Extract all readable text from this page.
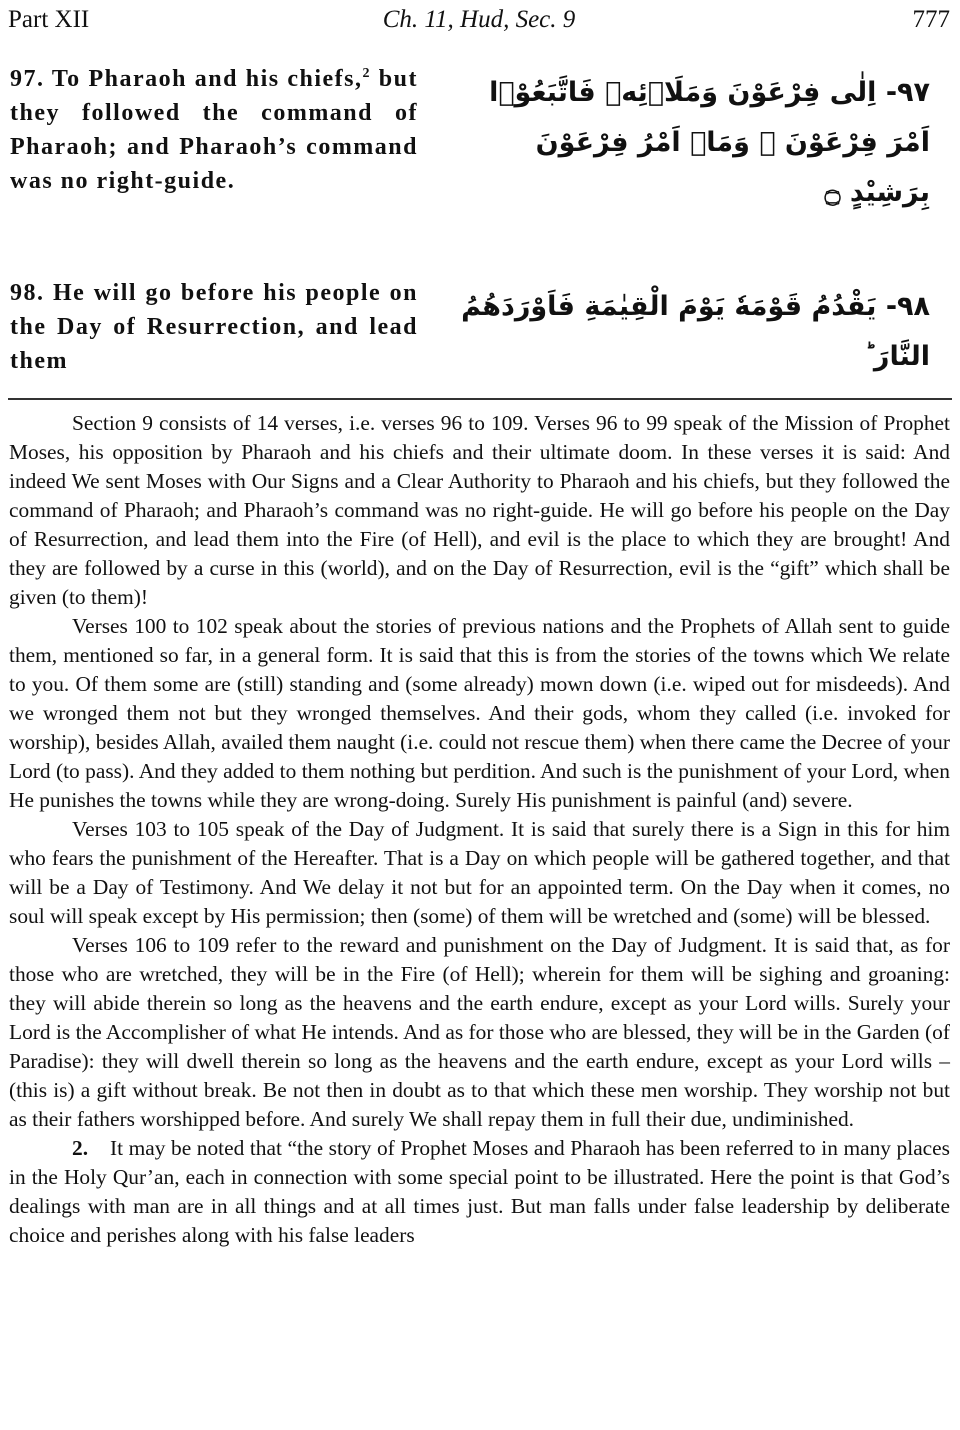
Part XII	Ch. 11, Hud, Sec. 9	777
97. To Pharaoh and his chiefs,$^2$ but they followed the command of Pharaoh; and Pharaoh’s command was no right-guide.
٩٧- اِلٰى فِرْعَوْنَ وَمَلَاۡئِهٖ فَاتَّبَعُوْۤا اَمْرَ فِرْعَوْنَ ۚ وَمَاۤ اَمْرُ فِرْعَوْنَ بِرَشِيْدٍ ۝
98. He will go before his people on the Day of Resurrection, and lead them
٩٨- يَقْدُمُ قَوْمَهٗ يَوْمَ الْقِيٰمَةِ فَاَوْرَدَهُمُ النَّارَ ؕ

Section 9 consists of 14 verses, i.e. verses 96 to 109. Verses 96 to 99 speak of the Mission of Prophet Moses, his opposition by Pharaoh and his chiefs and their ultimate doom. In these verses it is said: And indeed We sent Moses with Our Signs and a Clear Authority to Pharaoh and his chiefs, but they followed the command of Pharaoh; and Pharaoh’s command was no right-guide. He will go before his people on the Day of Resurrection, and lead them into the Fire (of Hell), and evil is the place to which they are brought! And they are followed by a curse in this (world), and on the Day of Resurrection, evil is the “gift” which shall be given (to them)!

Verses 100 to 102 speak about the stories of previous nations and the Prophets of Allah sent to guide them, mentioned so far, in a general form. It is said that this is from the stories of the towns which We relate to you. Of them some are (still) standing and (some already) mown down (i.e. wiped out for misdeeds). And we wronged them not but they wronged themselves. And their gods, whom they called (i.e. invoked for worship), besides Allah, availed them naught (i.e. could not rescue them) when there came the Decree of your Lord (to pass). And they added to them nothing but perdition. And such is the punishment of your Lord, when He punishes the towns while they are wrong-doing. Surely His punishment is painful (and) severe.

Verses 103 to 105 speak of the Day of Judgment. It is said that surely there is a Sign in this for him who fears the punishment of the Hereafter. That is a Day on which people will be gathered together, and that will be a Day of Testimony. And We delay it not but for an appointed term. On the Day when it comes, no soul will speak except by His permission; then (some) of them will be wretched and (some) will be blessed.

Verses 106 to 109 refer to the reward and punishment on the Day of Judgment. It is said that, as for those who are wretched, they will be in the Fire (of Hell); wherein for them will be sighing and groaning: they will abide therein so long as the heavens and the earth endure, except as your Lord wills. Surely your Lord is the Accomplisher of what He intends. And as for those who are blessed, they will be in the Garden (of Paradise): they will dwell therein so long as the heavens and the earth endure, except as your Lord wills – (this is) a gift without break. Be not then in doubt as to that which these men worship. They worship not but as their fathers worshipped before. And surely We shall repay them in full their due, undiminished.

2. It may be noted that “the story of Prophet Moses and Pharaoh has been referred to in many places in the Holy Qur’an, each in connection with some special point to be illustrated. Here the point is that God’s dealings with man are in all things and at all times just. But man falls under false leadership by deliberate choice and perishes along with his false leaders
